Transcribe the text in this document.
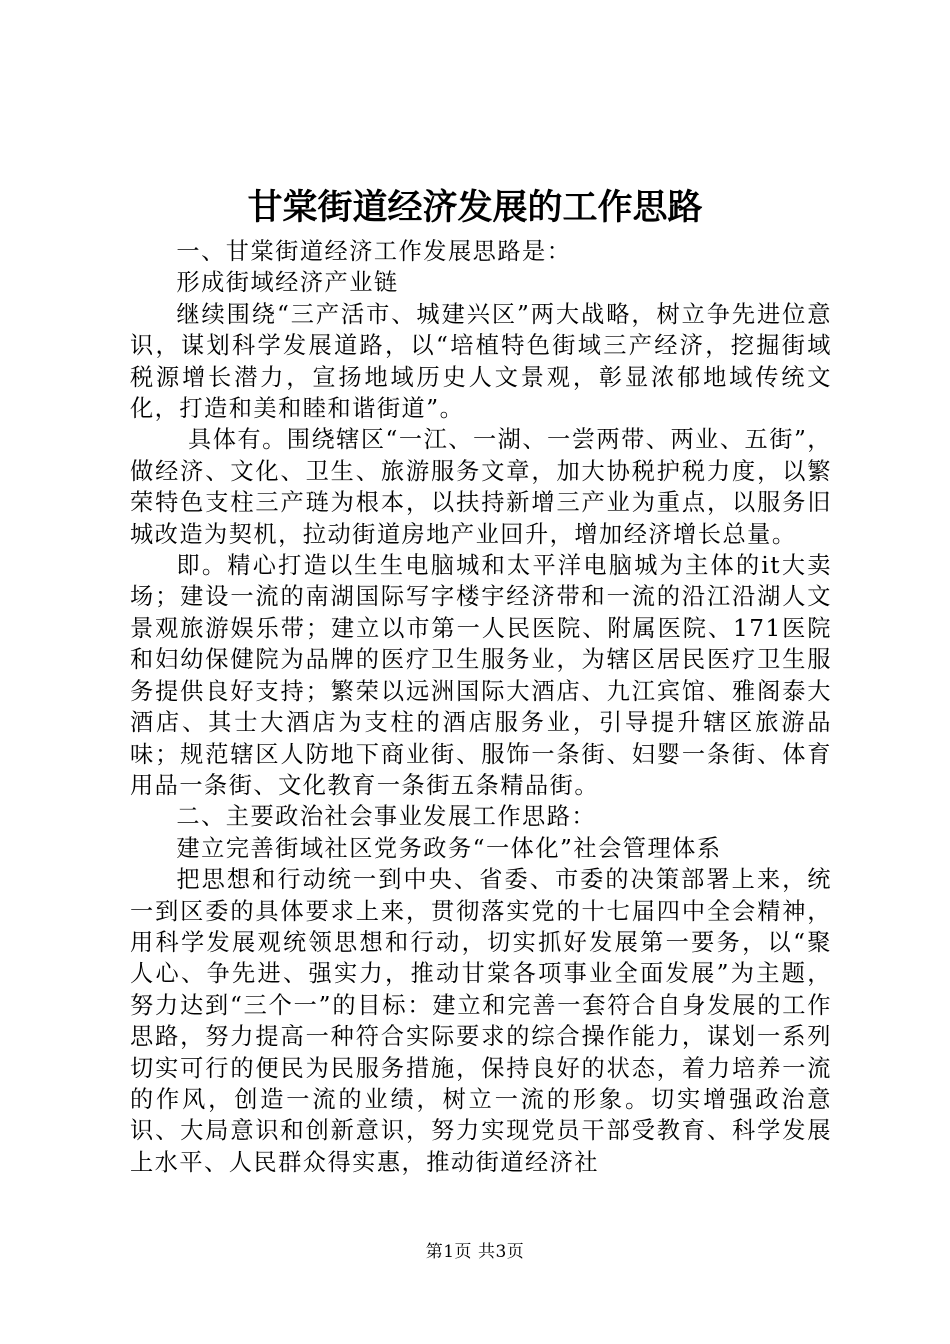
甘棠街道经济发展的工作思路

一、甘棠街道经济工作发展思路是：

形成街域经济产业链

继续围绕“三产活市、城建兴区”两大战略，树立争先进位意识，谋划科学发展道路，以“培植特色街域三产经济，挖掘街域税源增长潜力，宣扬地域历史人文景观，彰显浓郁地域传统文化，打造和美和睦和谐街道”。

具体有。围绕辖区“一江、一湖、一尝两带、两业、五街”，做经济、文化、卫生、旅游服务文章，加大协税护税力度，以繁荣特色支柱三产琏为根本，以扶持新增三产业为重点，以服务旧城改造为契机，拉动街道房地产业回升，增加经济增长总量。

即。精心打造以生生电脑城和太平洋电脑城为主体的it大卖场；建设一流的南湖国际写字楼宇经济带和一流的沿江沿湖人文景观旅游娱乐带；建立以市第一人民医院、附属医院、171医院和妇幼保健院为品牌的医疗卫生服务业，为辖区居民医疗卫生服务提供良好支持；繁荣以远洲国际大酒店、九江宾馆、雅阁泰大酒店、其士大酒店为支柱的酒店服务业，引导提升辖区旅游品味；规范辖区人防地下商业街、服饰一条街、妇婴一条街、体育用品一条街、文化教育一条街五条精品街。

二、主要政治社会事业发展工作思路：

建立完善街域社区党务政务“一体化”社会管理体系

把思想和行动统一到中央、省委、市委的决策部署上来，统一到区委的具体要求上来，贯彻落实党的十七届四中全会精神，用科学发展观统领思想和行动，切实抓好发展第一要务，以“聚人心、争先进、强实力，推动甘棠各项事业全面发展”为主题，努力达到“三个一”的目标：建立和完善一套符合自身发展的工作思路，努力提高一种符合实际要求的综合操作能力，谋划一系列切实可行的便民为民服务措施，保持良好的状态，着力培养一流的作风，创造一流的业绩，树立一流的形象。切实增强政治意识、大局意识和创新意识，努力实现党员干部受教育、科学发展上水平、人民群众得实惠，推动街道经济社

第1页 共3页
